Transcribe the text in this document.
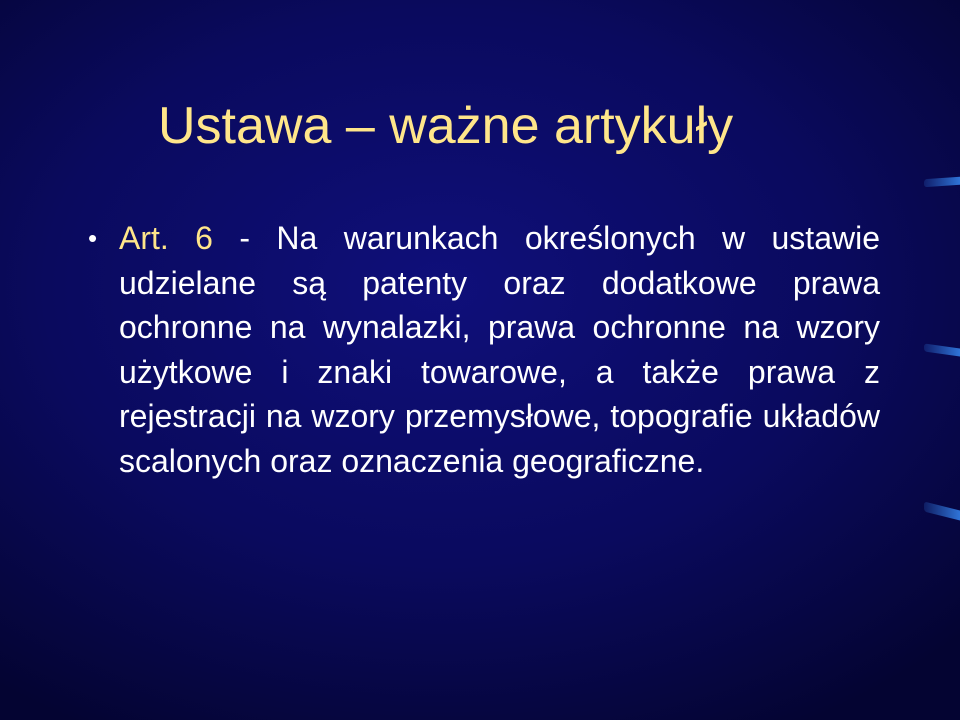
Ustawa – ważne artykuły
• Art. 6 - Na warunkach określonych w ustawie udzielane są patenty oraz dodatkowe prawa ochronne na wynalazki, prawa ochronne na wzory użytkowe i znaki towarowe, a także prawa z rejestracji na wzory przemysłowe, topografie układów scalonych oraz oznaczenia geograficzne.
